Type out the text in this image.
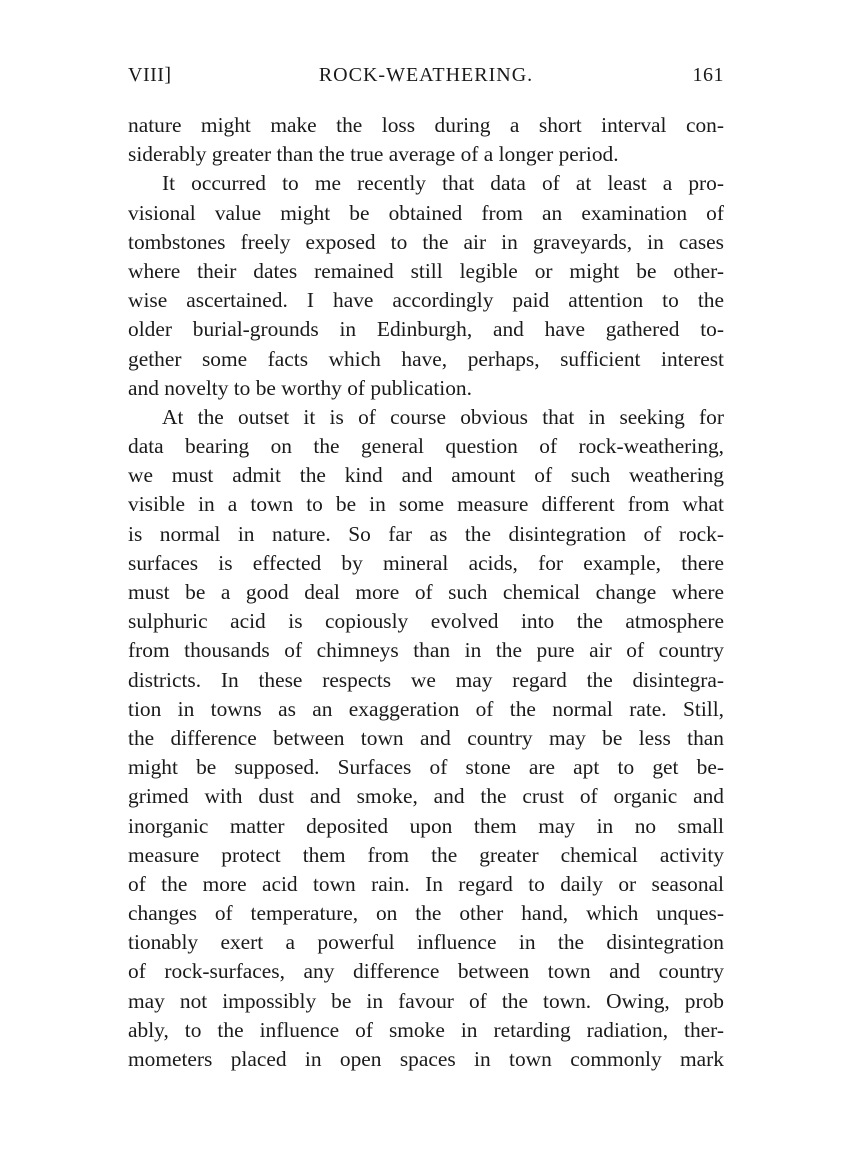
VIII]	ROCK-WEATHERING.	161
nature might make the loss during a short interval con-
siderably greater than the true average of a longer period.
It occurred to me recently that data of at least a pro-
visional value might be obtained from an examination of
tombstones freely exposed to the air in graveyards, in cases
where their dates remained still legible or might be other-
wise ascertained. I have accordingly paid attention to the
older burial-grounds in Edinburgh, and have gathered to-
gether some facts which have, perhaps, sufficient interest
and novelty to be worthy of publication.
At the outset it is of course obvious that in seeking for
data bearing on the general question of rock-weathering,
we must admit the kind and amount of such weathering
visible in a town to be in some measure different from what
is normal in nature. So far as the disintegration of rock-
surfaces is effected by mineral acids, for example, there
must be a good deal more of such chemical change where
sulphuric acid is copiously evolved into the atmosphere
from thousands of chimneys than in the pure air of country
districts. In these respects we may regard the disintegra-
tion in towns as an exaggeration of the normal rate. Still,
the difference between town and country may be less than
might be supposed. Surfaces of stone are apt to get be-
grimed with dust and smoke, and the crust of organic and
inorganic matter deposited upon them may in no small
measure protect them from the greater chemical activity
of the more acid town rain. In regard to daily or seasonal
changes of temperature, on the other hand, which unques-
tionably exert a powerful influence in the disintegration
of rock-surfaces, any difference between town and country
may not impossibly be in favour of the town. Owing, prob
ably, to the influence of smoke in retarding radiation, ther-
mometers placed in open spaces in town commonly mark
